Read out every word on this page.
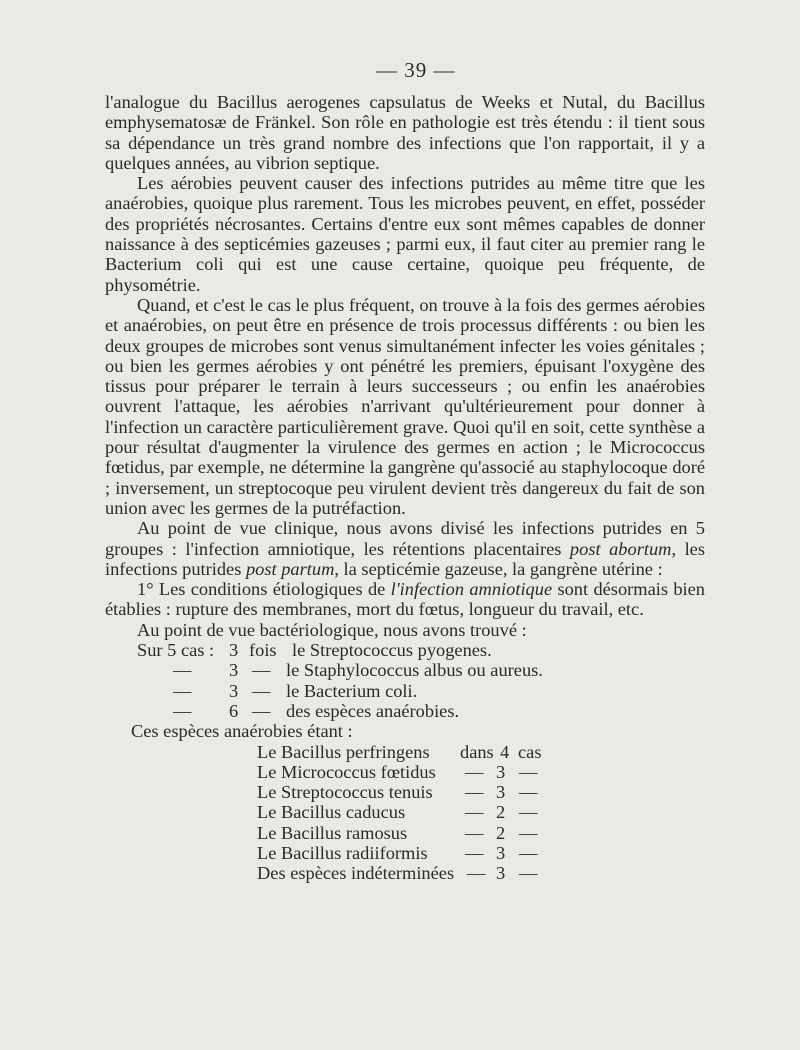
— 39 —

l'analogue du Bacillus aerogenes capsulatus de Weeks et Nutal, du Bacillus emphysematosæ de Fränkel. Son rôle en pathologie est très étendu : il tient sous sa dépendance un très grand nombre des infections que l'on rapportait, il y a quelques années, au vibrion septique.

Les aérobies peuvent causer des infections putrides au même titre que les anaérobies, quoique plus rarement. Tous les microbes peuvent, en effet, posséder des propriétés nécrosantes. Certains d'entre eux sont mêmes capables de donner naissance à des septicémies gazeuses ; parmi eux, il faut citer au premier rang le Bacterium coli qui est une cause certaine, quoique peu fréquente, de physométrie.

Quand, et c'est le cas le plus fréquent, on trouve à la fois des germes aérobies et anaérobies, on peut être en présence de trois processus différents : ou bien les deux groupes de microbes sont venus simultanément infecter les voies génitales ; ou bien les germes aérobies y ont pénétré les premiers, épuisant l'oxygène des tissus pour préparer le terrain à leurs successeurs ; ou enfin les anaérobies ouvrent l'attaque, les aérobies n'arrivant qu'ultérieurement pour donner à l'infection un caractère particulièrement grave. Quoi qu'il en soit, cette synthèse a pour résultat d'augmenter la virulence des germes en action ; le Micrococcus fœtidus, par exemple, ne détermine la gangrène qu'associé au staphylocoque doré ; inversement, un streptocoque peu virulent devient très dangereux du fait de son union avec les germes de la putréfaction.

Au point de vue clinique, nous avons divisé les infections putrides en 5 groupes : l'infection amniotique, les rétentions placentaires post abortum, les infections putrides post partum, la septicémie gazeuse, la gangrène utérine :

1° Les conditions étiologiques de l'infection amniotique sont désormais bien établies : rupture des membranes, mort du fœtus, longueur du travail, etc.

Au point de vue bactériologique, nous avons trouvé :
Sur 5 cas : 3 fois le Streptococcus pyogenes.
— 3 — le Staphylococcus albus ou aureus.
— 3 — le Bacterium coli.
— 6 — des espèces anaérobies.
Ces espèces anaérobies étant :
Le Bacillus perfringens dans 4 cas
Le Micrococcus fœtidus — 3 —
Le Streptococcus tenuis — 3 —
Le Bacillus caducus	— 2 —
Le Bacillus ramosus	— 2 —
Le Bacillus radiiformis — 3 —
Des espèces indéterminées — 3 —
